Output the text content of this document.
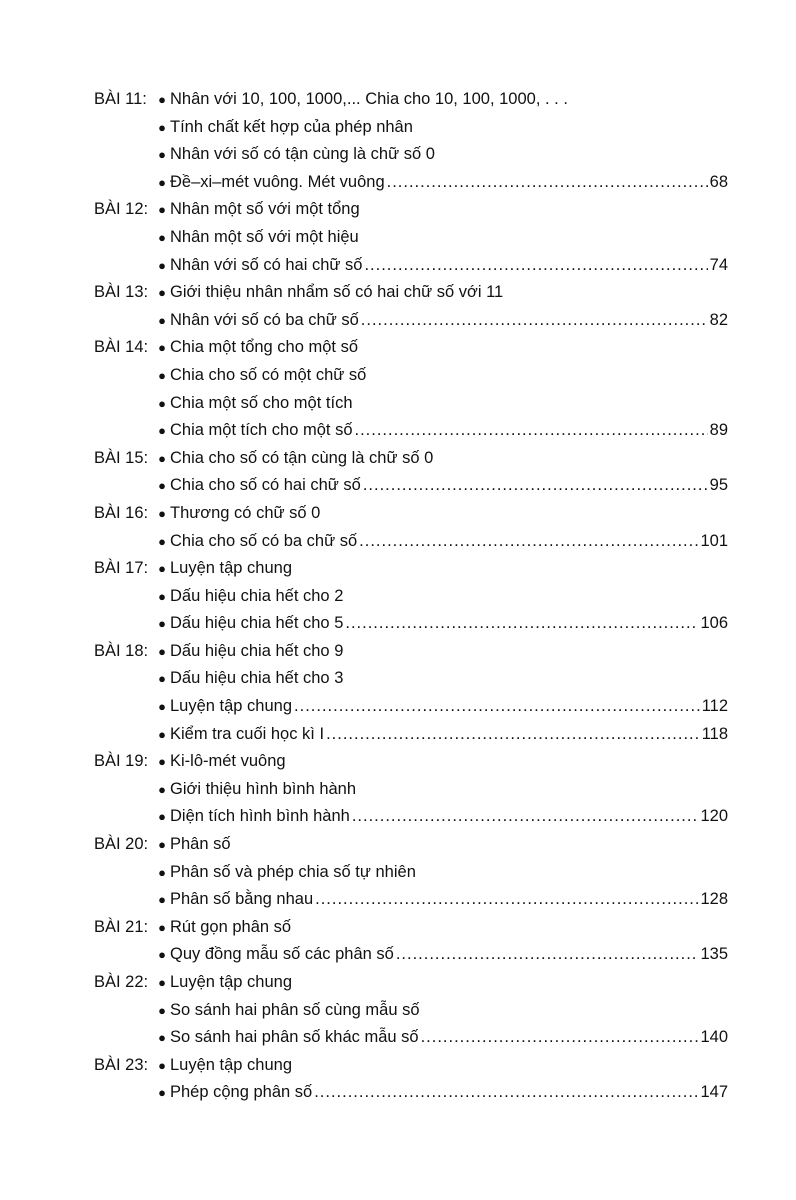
BÀI 11: ● Nhân với 10, 100, 1000,... Chia cho 10, 100, 1000, . . .
● Tính chất kết hợp của phép nhân
● Nhân với số có tận cùng là chữ số 0
● Đề–xi–mét vuông. Mét vuông .....	68
BÀI 12: ● Nhân một số với một tổng
● Nhân một số với một hiệu
● Nhân với số có hai chữ số .....	74
BÀI 13: ● Giới thiệu nhân nhẩm số có hai chữ số với 11
● Nhân với số có ba chữ số .....	82
BÀI 14: ● Chia một tổng cho một số
● Chia cho số có một chữ số
● Chia một số cho một tích
● Chia một tích cho một số .....	89
BÀI 15: ● Chia cho số có tận cùng là chữ số 0
● Chia cho số có hai chữ số .....	95
BÀI 16: ● Thương có chữ số 0
● Chia cho số có ba chữ số .....	101
BÀI 17: ● Luyện tập chung
● Dấu hiệu chia hết cho 2
● Dấu hiệu chia hết cho 5 .....	106
BÀI 18: ● Dấu hiệu chia hết cho 9
● Dấu hiệu chia hết cho 3
● Luyện tập chung .....	112
● Kiểm tra cuối học kì I .....	118
BÀI 19: ● Ki-lô-mét vuông
● Giới thiệu hình bình hành
● Diện tích hình bình hành .....	120
BÀI 20: ● Phân số
● Phân số và phép chia số tự nhiên
● Phân số bằng nhau .....	128
BÀI 21: ● Rút gọn phân số
● Quy đồng mẫu số các phân số .....	135
BÀI 22: ● Luyện tập chung
● So sánh hai phân số cùng mẫu số
● So sánh hai phân số khác mẫu số .....	140
BÀI 23: ● Luyện tập chung
● Phép cộng phân số .....	147
